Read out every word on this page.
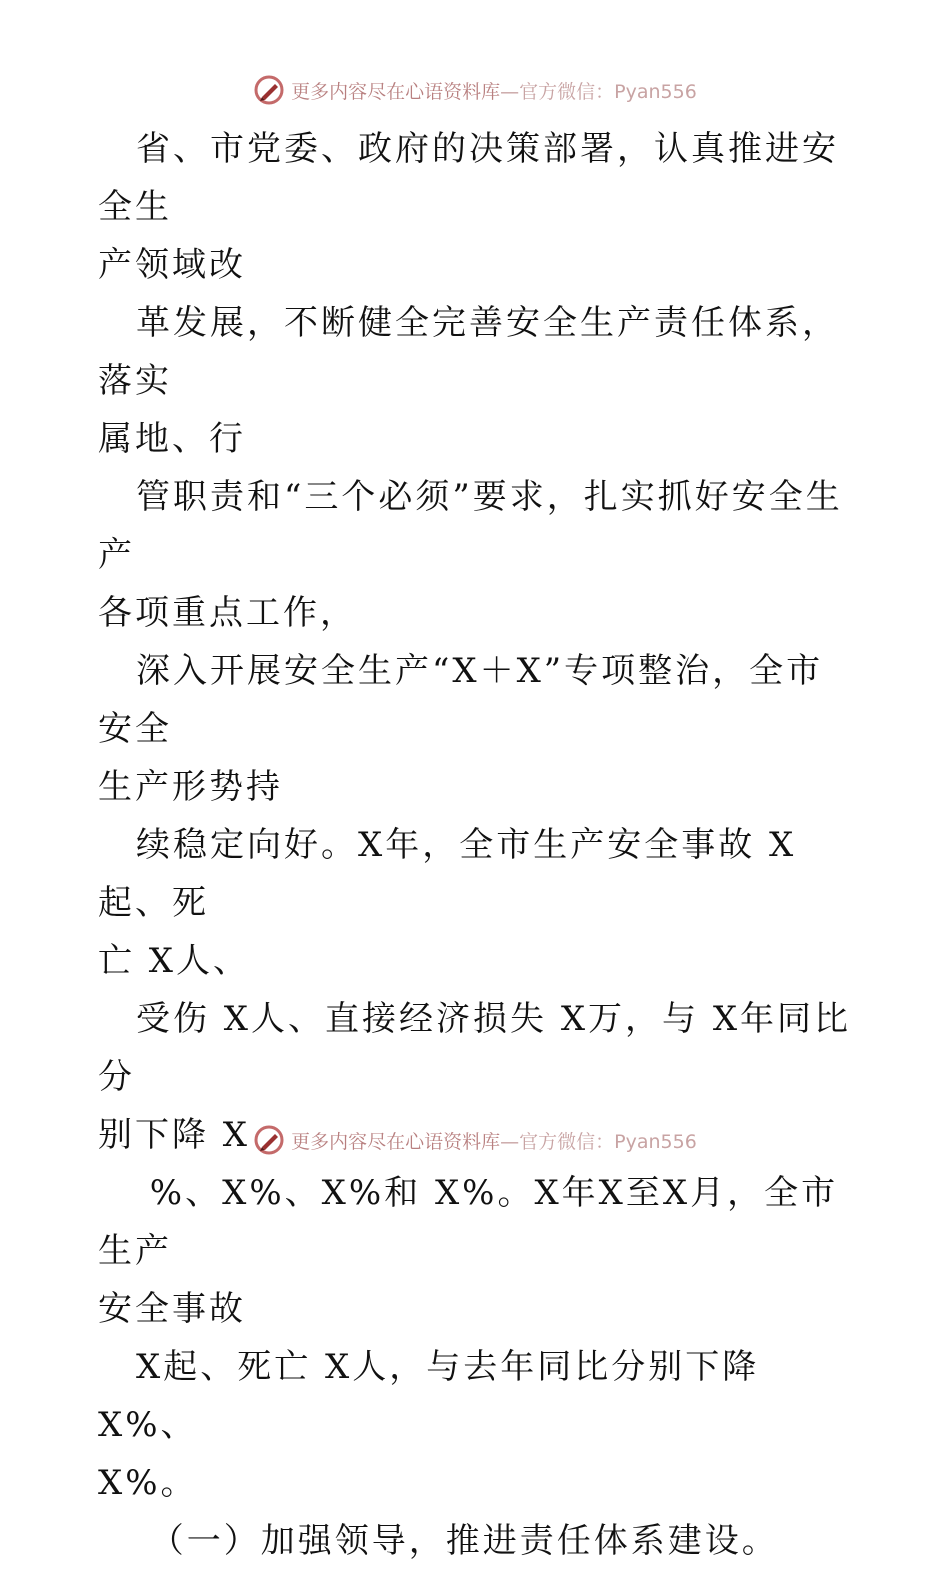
更多内容尽在心语资料库—官方微信：Pyan556

省、市党委、政府的决策部署，认真推进安全生
产领域改

革发展，不断健全完善安全生产责任体系，落实
属地、行

管职责和“三个必须”要求，扎实抓好安全生产
各项重点工作，

深入开展安全生产“X＋X”专项整治，全市安全
生产形势持

续稳定向好。X年，全市生产安全事故 X起、死
亡 X人、

受伤 X人、直接经济损失 X万，与 X年同比分
别下降 X

%、X%、X%和 X%。X年X至X月，全市生产
安全事故

X起、死亡 X人，与去年同比分别下降 X%、
X%。

（一）加强领导，推进责任体系建设。

更多内容尽在心语资料库—官方微信：Pyan556
